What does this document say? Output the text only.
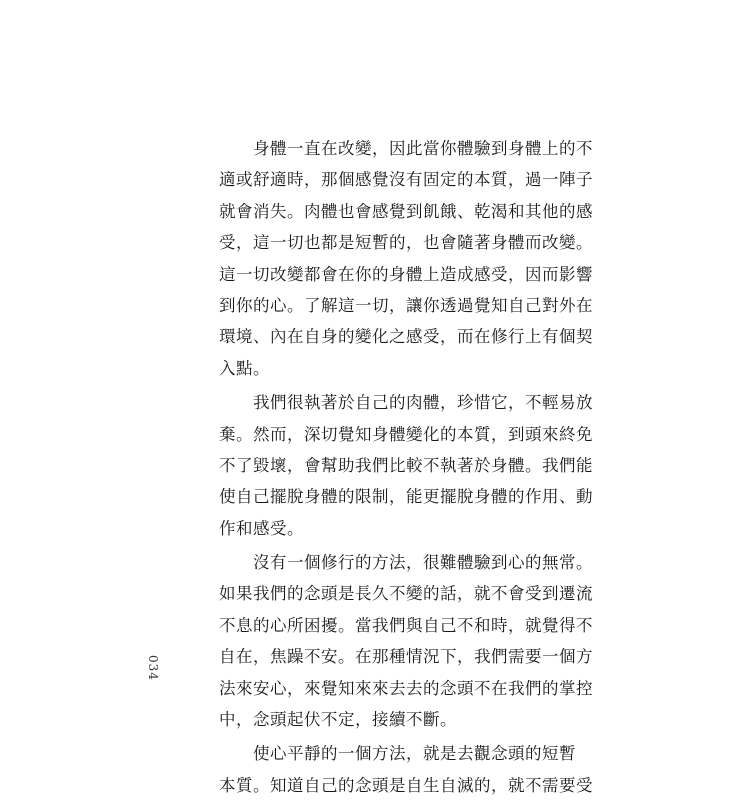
　　身體一直在改變，因此當你體驗到身體上的不
適或舒適時，那個感覺沒有固定的本質，過一陣子
就會消失。肉體也會感覺到飢餓、乾渴和其他的感
受，這一切也都是短暫的，也會隨著身體而改變。
這一切改變都會在你的身體上造成感受，因而影響
到你的心。了解這一切，讓你透過覺知自己對外在
環境、內在自身的變化之感受，而在修行上有個契
入點。

　　我們很執著於自己的肉體，珍惜它，不輕易放
棄。然而，深切覺知身體變化的本質，到頭來終免
不了毀壞，會幫助我們比較不執著於身體。我們能
使自己擺脫身體的限制，能更擺脫身體的作用、動
作和感受。

　　沒有一個修行的方法，很難體驗到心的無常。
如果我們的念頭是長久不變的話，就不會受到遷流
不息的心所困擾。當我們與自己不和時，就覺得不
自在，焦躁不安。在那種情況下，我們需要一個方
法來安心，來覺知來來去去的念頭不在我們的掌控
中，念頭起伏不定，接續不斷。

　　使心平靜的一個方法，就是去觀念頭的短暫
本質。知道自己的念頭是自生自滅的，就不需要受

034
